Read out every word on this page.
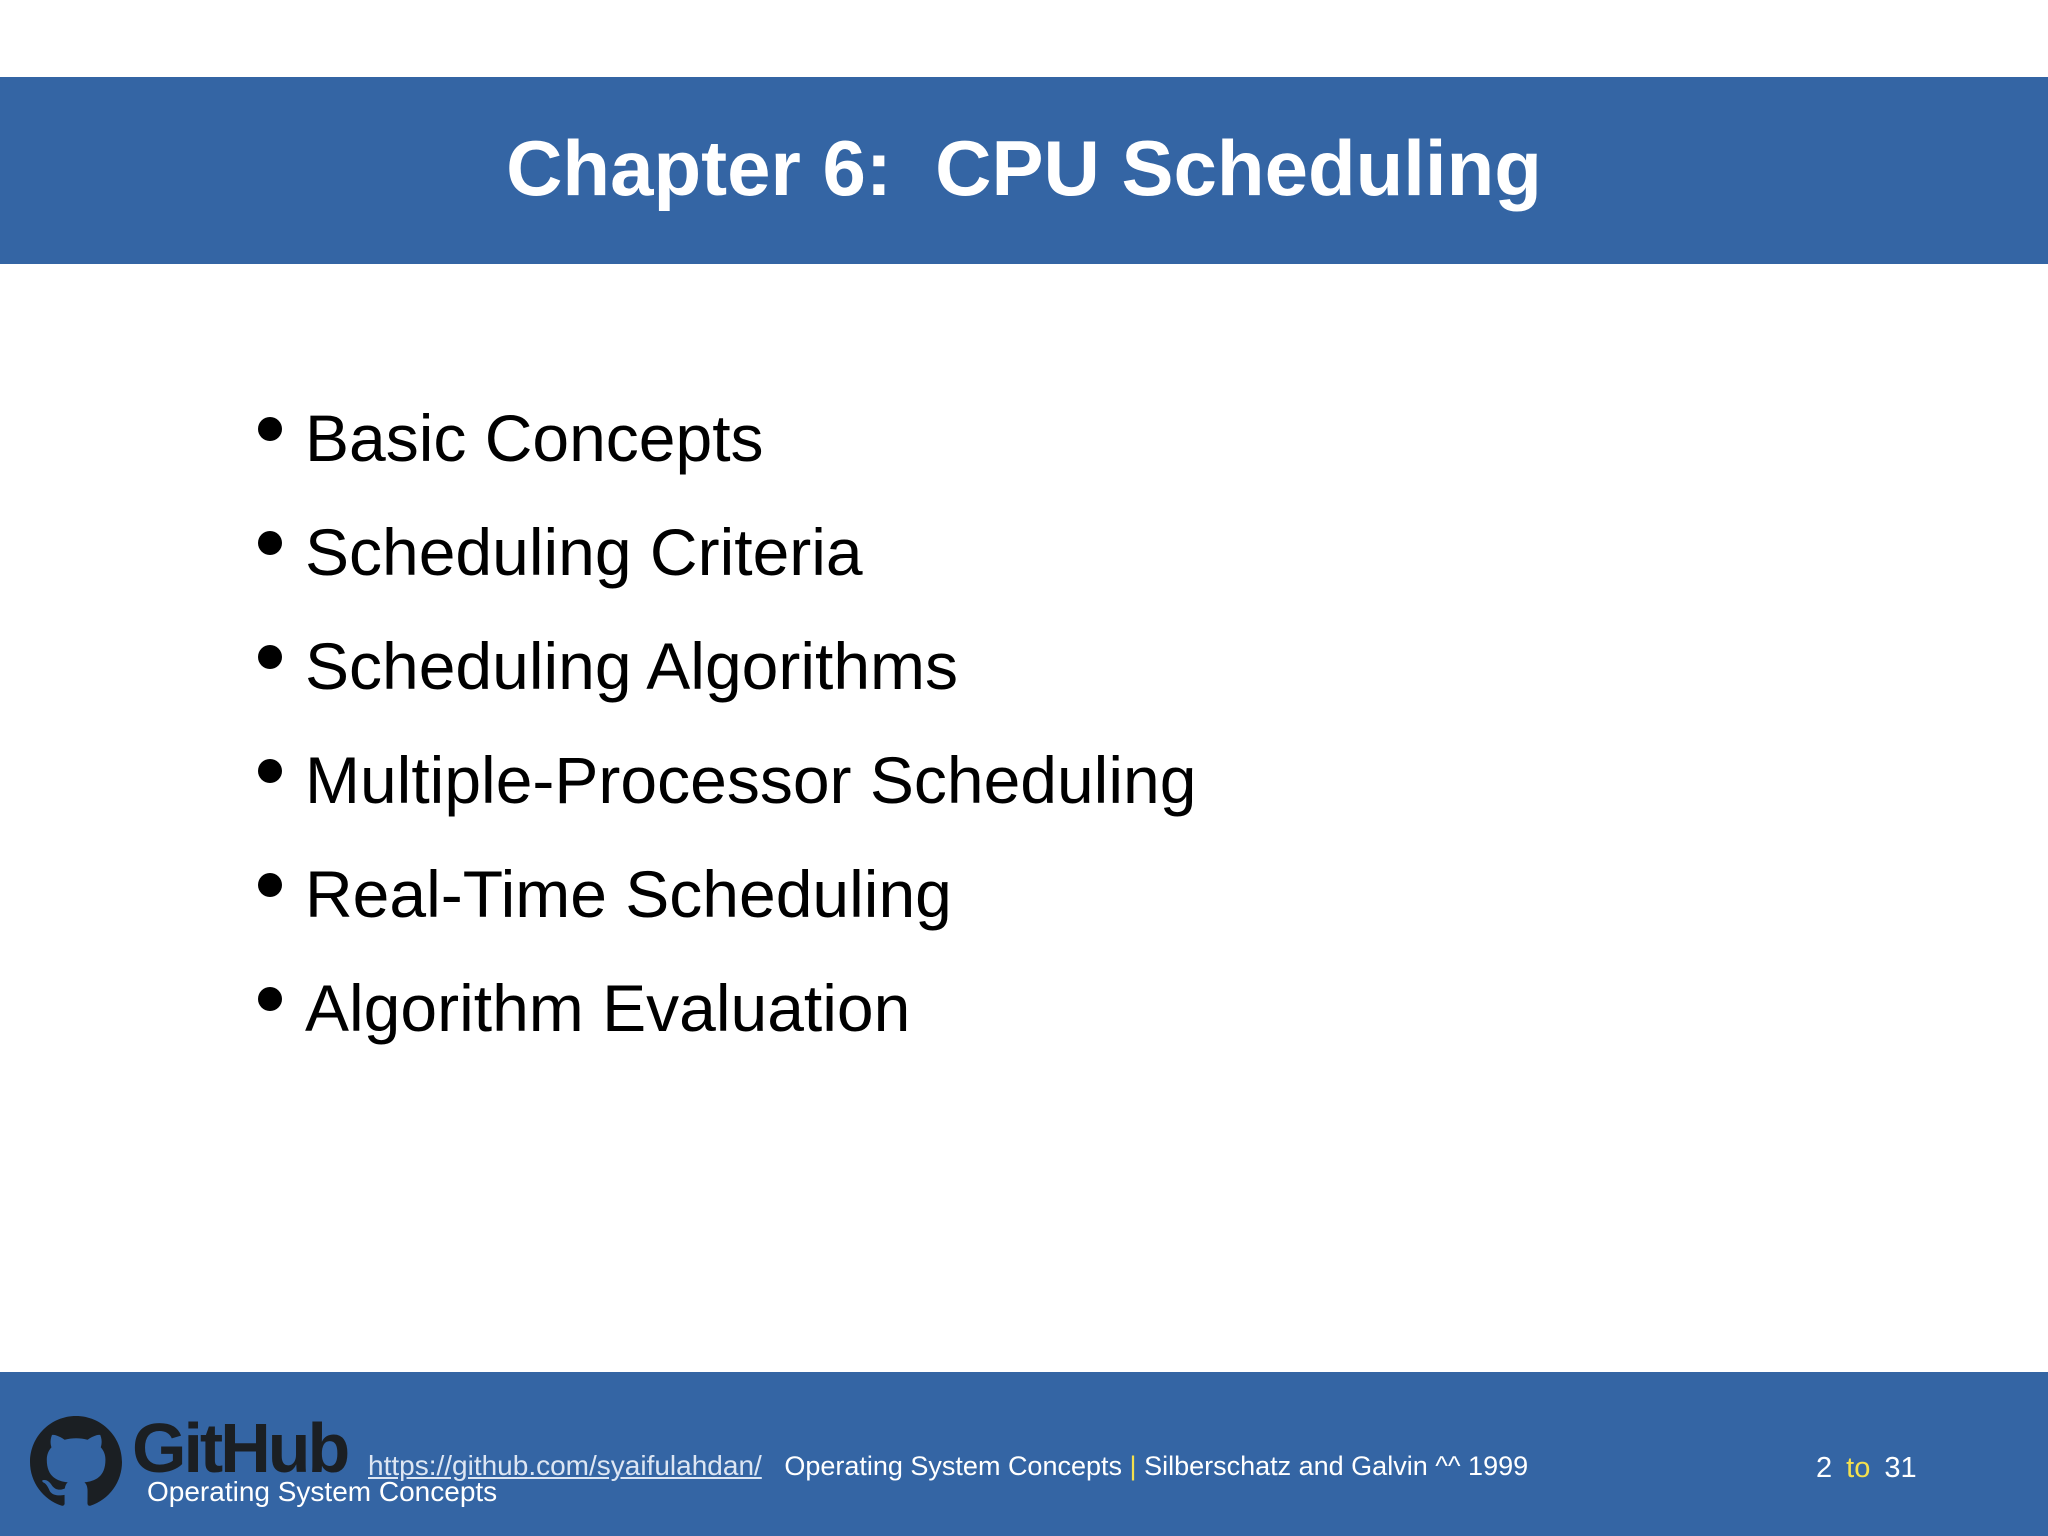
Chapter 6:  CPU Scheduling
Basic Concepts
Scheduling Criteria
Scheduling Algorithms
Multiple-Processor Scheduling
Real-Time Scheduling
Algorithm Evaluation
GitHub
Operating System Concepts
https://github.com/syaifulahdan/ Operating System Concepts | Silberschatz and Galvin ^^ 1999	2 to 31
